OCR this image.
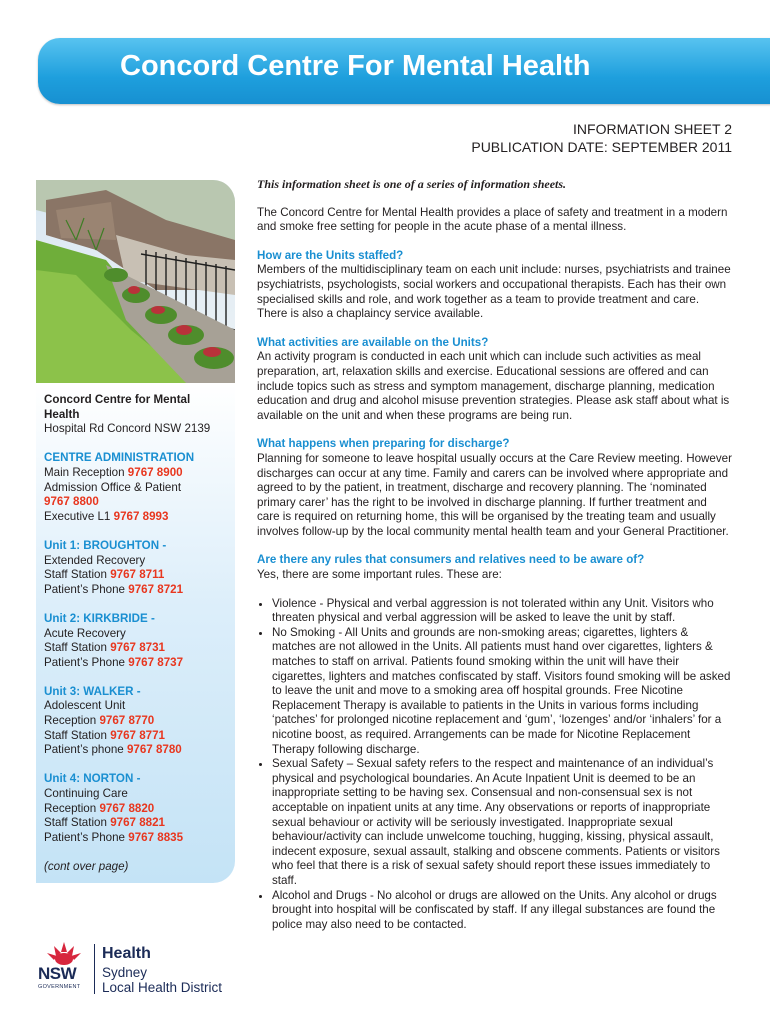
Concord Centre For Mental Health
INFORMATION SHEET 2
PUBLICATION DATE: SEPTEMBER 2011

Concord Centre for Mental
Health

Hospital Rd Concord NSW 2139

CENTRE ADMINISTRATION

Main Reception 9767 8900

Admission Office & Patient

9767 8800

Executive L1 9767 8993

Unit 1: BROUGHTON -

Extended Recovery

Staff Station 9767 8711

Patient’s Phone 9767 8721

Unit 2: KIRKBRIDE -

Acute Recovery

Staff Station 9767 8731

Patient’s Phone 9767 8737

Unit 3: WALKER -

Adolescent Unit

Reception 9767 8770

Staff Station 9767 8771

Patient’s phone 9767 8780

Unit 4: NORTON -

Continuing Care

Reception 9767 8820

Staff Station 9767 8821

Patient’s Phone 9767 8835

(cont over page)

This information sheet is one of a series of information sheets.

The Concord Centre for Mental Health provides a place of safety and treatment in a modern and smoke free setting for people in the acute phase of a mental illness.

How are the Units staffed?

Members of the multidisciplinary team on each unit include: nurses, psychiatrists and trainee psychiatrists, psychologists, social workers and occupational therapists. Each has their own specialised skills and role, and work together as a team to provide treatment and care. There is also a chaplaincy service available.

What activities are available on the Units?

An activity program is conducted in each unit which can include such activities as meal preparation, art, relaxation skills and exercise. Educational sessions are offered and can include topics such as stress and symptom management, discharge planning, medication education and drug and alcohol misuse prevention strategies. Please ask staff about what is available on the unit and when these programs are being run.

What happens when preparing for discharge?

Planning for someone to leave hospital usually occurs at the Care Review meeting. However discharges can occur at any time. Family and carers can be involved where appropriate and agreed to by the patient, in treatment, discharge and recovery planning. The ‘nominated primary carer’ has the right to be involved in discharge planning. If further treatment and care is required on returning home, this will be organised by the treating team and usually involves follow-up by the local community mental health team and your General Practitioner.

Are there any rules that consumers and relatives need to be aware of?

Yes, there are some important rules. These are:

• Violence - Physical and verbal aggression is not tolerated within any Unit. Visitors who threaten physical and verbal aggression will be asked to leave the unit by staff.
• No Smoking - All Units and grounds are non-smoking areas; cigarettes, lighters & matches are not allowed in the Units. All patients must hand over cigarettes, lighters & matches to staff on arrival. Patients found smoking within the unit will have their cigarettes, lighters and matches confiscated by staff. Visitors found smoking will be asked to leave the unit and move to a smoking area off hospital grounds. Free Nicotine Replacement Therapy is available to patients in the Units in various forms including ‘patches’ for prolonged nicotine replacement and ‘gum’, ‘lozenges’ and/or ‘inhalers’ for a nicotine boost, as required. Arrangements can be made for Nicotine Replacement Therapy following discharge.
• Sexual Safety – Sexual safety refers to the respect and maintenance of an individual’s physical and psychological boundaries. An Acute Inpatient Unit is deemed to be an inappropriate setting to be having sex. Consensual and non-consensual sex is not acceptable on inpatient units at any time. Any observations or reports of inappropriate sexual behaviour or activity will be seriously investigated. Inappropriate sexual behaviour/activity can include unwelcome touching, hugging, kissing, physical assault, indecent exposure, sexual assault, stalking and obscene comments. Patients or visitors who feel that there is a risk of sexual safety should report these issues immediately to staff.
• Alcohol and Drugs - No alcohol or drugs are allowed on the Units. Any alcohol or drugs brought into hospital will be confiscated by staff. If any illegal substances are found the police may also need to be contacted.
NSW
GOVERNMENT
Health
Sydney
Local Health District
